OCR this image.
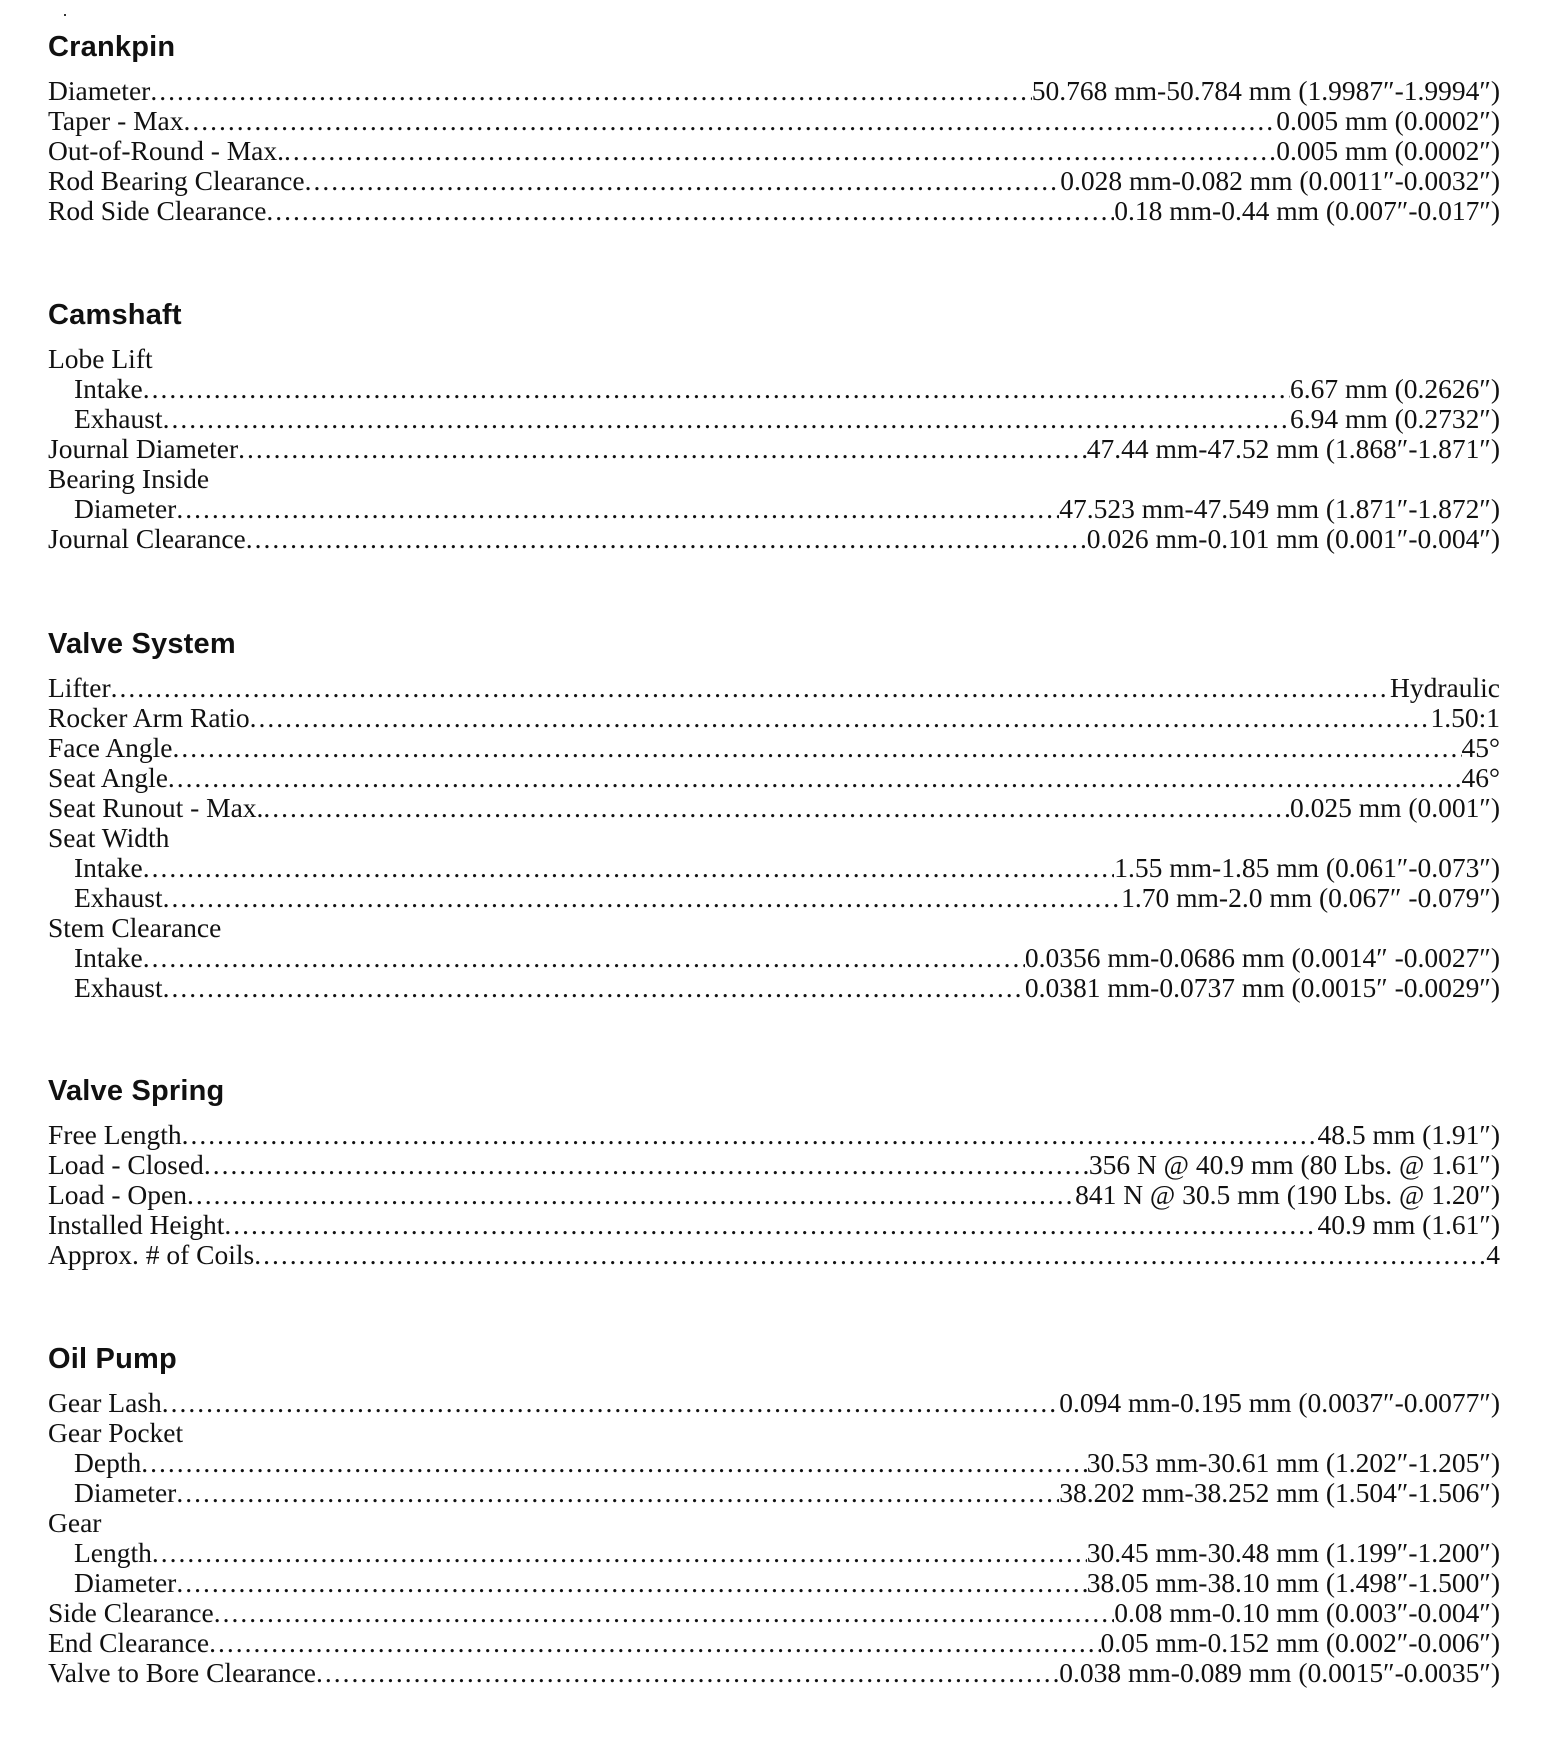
Crankpin
Diameter .....	50.768 mm-50.784 mm (1.9987″-1.9994″)
Taper - Max .....	0.005 mm (0.0002″)
Out-of-Round - Max. .....	0.005 mm (0.0002″)
Rod Bearing Clearance .....	0.028 mm-0.082 mm (0.0011″-0.0032″)
Rod Side Clearance .....	0.18 mm-0.44 mm (0.007″-0.017″)
Camshaft
Lobe Lift
Intake .....	6.67 mm (0.2626″)
Exhaust .....	6.94 mm (0.2732″)
Journal Diameter .....	47.44 mm-47.52 mm (1.868″-1.871″)
Bearing Inside
Diameter .....	47.523 mm-47.549 mm (1.871″-1.872″)
Journal Clearance .....	0.026 mm-0.101 mm (0.001″-0.004″)
Valve System
Lifter .....	Hydraulic
Rocker Arm Ratio .....	1.50:1
Face Angle .....	45°
Seat Angle .....	46°
Seat Runout - Max. .....	0.025 mm (0.001″)
Seat Width
Intake .....	1.55 mm-1.85 mm (0.061″-0.073″)
Exhaust .....	1.70 mm-2.0 mm (0.067″ -0.079″)
Stem Clearance
Intake .....	0.0356 mm-0.0686 mm (0.0014″ -0.0027″)
Exhaust .....	0.0381 mm-0.0737 mm (0.0015″ -0.0029″)
Valve Spring
Free Length .....	48.5 mm (1.91″)
Load - Closed .....	356 N @ 40.9 mm (80 Lbs. @ 1.61″)
Load - Open .....	841 N @ 30.5 mm (190 Lbs. @ 1.20″)
Installed Height .....	40.9 mm (1.61″)
Approx. # of Coils .....	4
Oil Pump
Gear Lash .....	0.094 mm-0.195 mm (0.0037″-0.0077″)
Gear Pocket
Depth .....	30.53 mm-30.61 mm (1.202″-1.205″)
Diameter .....	38.202 mm-38.252 mm (1.504″-1.506″)
Gear
Length .....	30.45 mm-30.48 mm (1.199″-1.200″)
Diameter .....	38.05 mm-38.10 mm (1.498″-1.500″)
Side Clearance .....	0.08 mm-0.10 mm (0.003″-0.004″)
End Clearance .....	0.05 mm-0.152 mm (0.002″-0.006″)
Valve to Bore Clearance .....	0.038 mm-0.089 mm (0.0015″-0.0035″)
